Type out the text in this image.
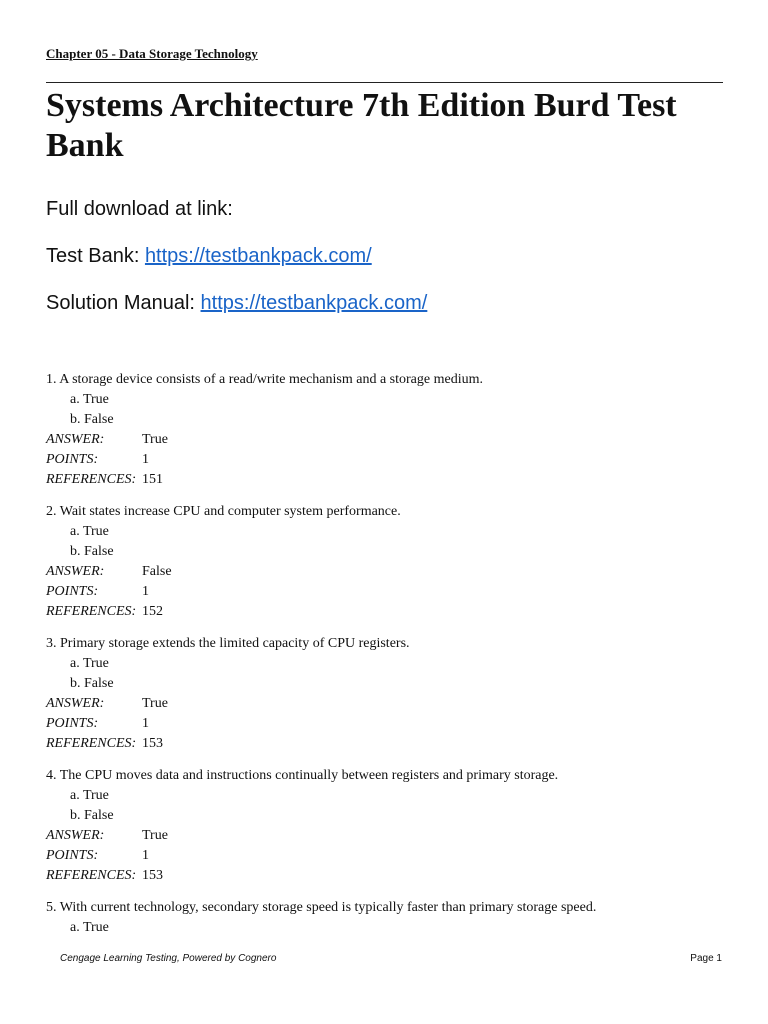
Chapter 05 - Data Storage Technology
Systems Architecture 7th Edition Burd Test Bank
Full download at link:
Test Bank: https://testbankpack.com/
Solution Manual: https://testbankpack.com/
1. A storage device consists of a read/write mechanism and a storage medium.
a. True
b. False
ANSWER:	True
POINTS:	1
REFERENCES: 151
2. Wait states increase CPU and computer system performance.
a. True
b. False
ANSWER:	False
POINTS:	1
REFERENCES: 152
3. Primary storage extends the limited capacity of CPU registers.
a. True
b. False
ANSWER:	True
POINTS:	1
REFERENCES: 153
4. The CPU moves data and instructions continually between registers and primary storage.
a. True
b. False
ANSWER:	True
POINTS:	1
REFERENCES: 153
5. With current technology, secondary storage speed is typically faster than primary storage speed.
a. True
Cengage Learning Testing, Powered by Cognero	Page 1
